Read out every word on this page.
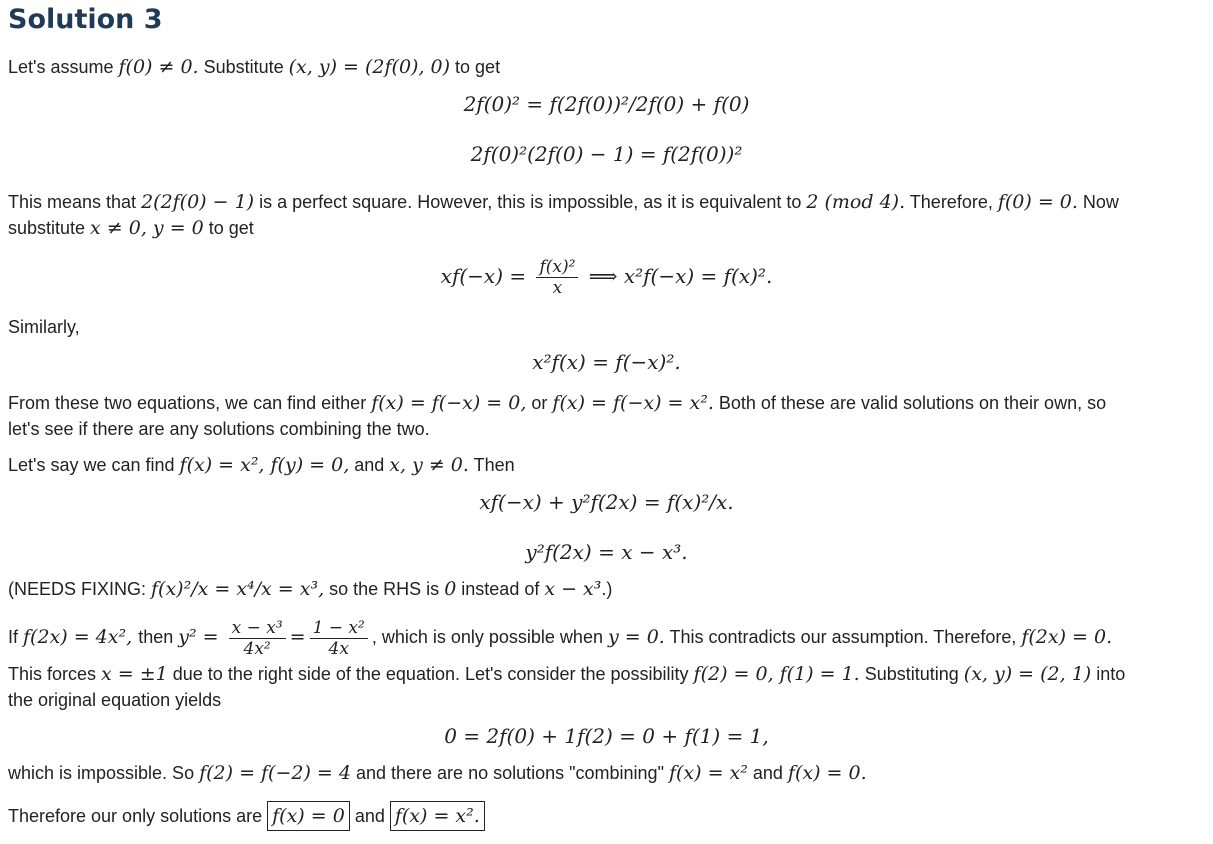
Solution 3

Let's assume f(0) ≠ 0. Substitute (x, y) = (2f(0), 0) to get

2f(0)² = f(2f(0))²/2f(0) + f(0)

2f(0)²(2f(0) − 1) = f(2f(0))²

This means that 2(2f(0) − 1) is a perfect square. However, this is impossible, as it is equivalent to 2 (mod 4). Therefore, f(0) = 0. Now

substitute x ≠ 0, y = 0 to get

$xf(-x) = \frac{\text{f(x)²}}{x}$ ⟹ x²f(−x) = f(x)².

Similarly,

x²f(x) = f(−x)².

From these two equations, we can find either f(x) = f(−x) = 0, or f(x) = f(−x) = x². Both of these are valid solutions on their own, so

let's see if there are any solutions combining the two.

Let's say we can find f(x) = x², f(y) = 0, and x, y ≠ 0. Then

xf(−x) + y²f(2x) = f(x)²/x.

y²f(2x) = x − x³.

(NEEDS FIXING: f(x)²/x = x⁴/x = x³, so the RHS is 0 instead of x − x³.)

If f(2x) = 4x², then $y^2 = \frac{\text{x − x³}}{\text{4x²}} = \frac{\text{1 − x²}}{4x}$ , which is only possible when y = 0. This contradicts our assumption. Therefore, f(2x) = 0.

This forces x = ±1 due to the right side of the equation. Let's consider the possibility f(2) = 0, f(1) = 1. Substituting (x, y) = (2, 1) into

the original equation yields

0 = 2f(0) + 1f(2) = 0 + f(1) = 1,

which is impossible. So f(2) = f(−2) = 4 and there are no solutions "combining" f(x) = x² and f(x) = 0.

Therefore our only solutions are f(x) = 0 and f(x) = x².
